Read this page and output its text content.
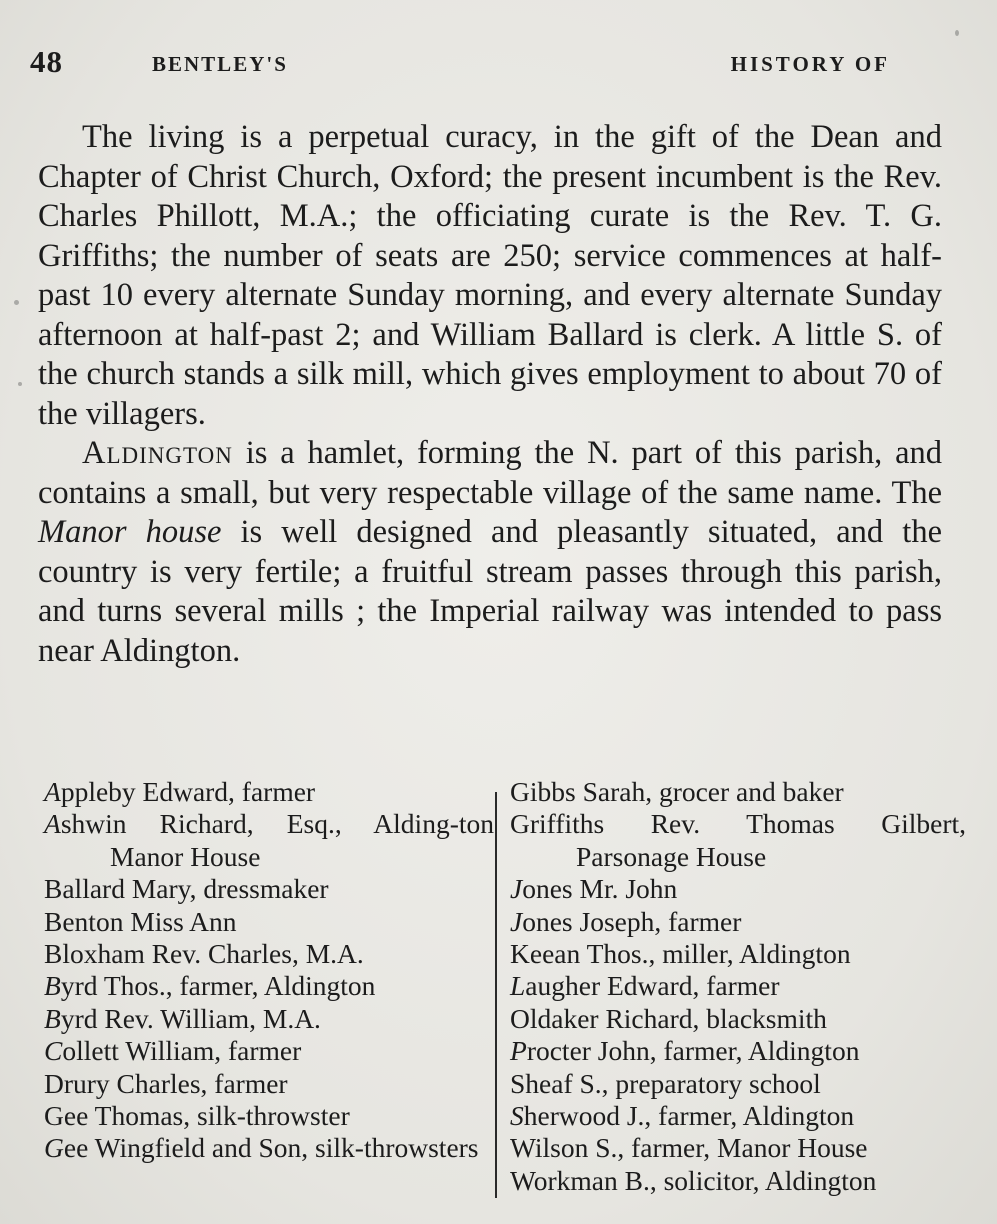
48	BENTLEY'S	HISTORY OF

The living is a perpetual curacy, in the gift of the Dean and Chapter of Christ Church, Oxford; the present incumbent is the Rev. Charles Phillott, M.A.; the officiating curate is the Rev. T. G. Griffiths; the number of seats are 250; service commences at half-past 10 every alternate Sunday morning, and every alternate Sunday afternoon at half-past 2; and William Ballard is clerk. A little S. of the church stands a silk mill, which gives employment to about 70 of the villagers.

Aldington is a hamlet, forming the N. part of this parish, and contains a small, but very respectable village of the same name. The Manor house is well designed and pleasantly situated, and the country is very fertile; a fruitful stream passes through this parish, and turns several mills ; the Imperial railway was intended to pass near Aldington.

Appleby Edward, farmer

Ashwin Richard, Esq., Alding-ton Manor House

Ballard Mary, dressmaker

Benton Miss Ann

Bloxham Rev. Charles, M.A.

Byrd Thos., farmer, Aldington

Byrd Rev. William, M.A.

Collett William, farmer

Drury Charles, farmer

Gee Thomas, silk-throwster

Gee Wingfield and Son, silk-throwsters

Gibbs Sarah, grocer and baker

Griffiths Rev. Thomas Gilbert, Parsonage House

Jones Mr. John

Jones Joseph, farmer

Keean Thos., miller, Aldington

Laugher Edward, farmer

Oldaker Richard, blacksmith

Procter John, farmer, Aldington

Sheaf S., preparatory school

Sherwood J., farmer, Aldington

Wilson S., farmer, Manor House

Workman B., solicitor, Aldington
